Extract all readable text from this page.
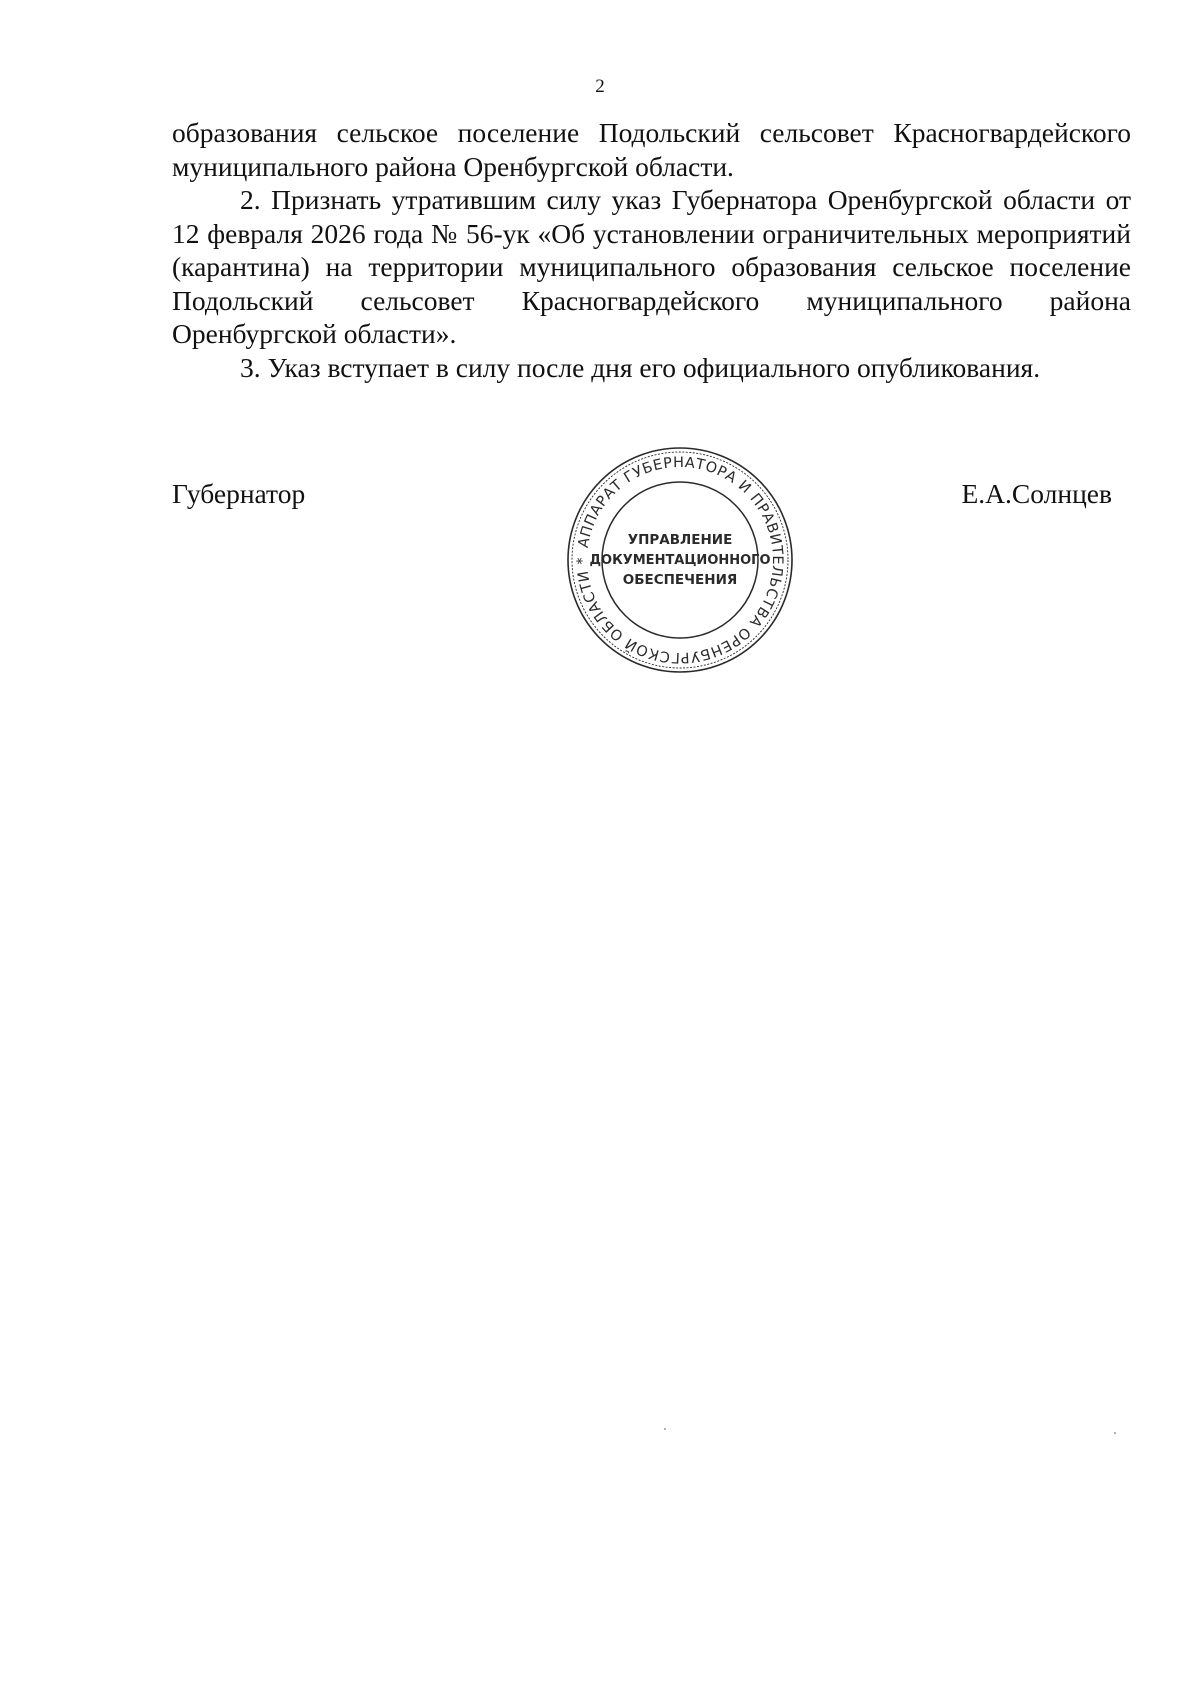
2

образования сельское поселение Подольский сельсовет Красногвардейского муниципального района Оренбургской области.

2. Признать утратившим силу указ Губернатора Оренбургской области от 12 февраля 2026 года № 56-ук «Об установлении ограничительных мероприятий (карантина) на территории муниципального образования сельское поселение Подольский сельсовет Красногвардейского муниципального района Оренбургской области».

3. Указ вступает в силу после дня его официального опубликования.

Губернатор	Е.А.Солнцев
АППАРАТ ГУБЕРНАТОРА И ПРАВИТЕЛЬСТВА ОРЕНБУРГСКОЙ ОБЛАСТИ *
УПРАВЛЕНИЕ
ДОКУМЕНТАЦИОННОГО
ОБЕСПЕЧЕНИЯ
